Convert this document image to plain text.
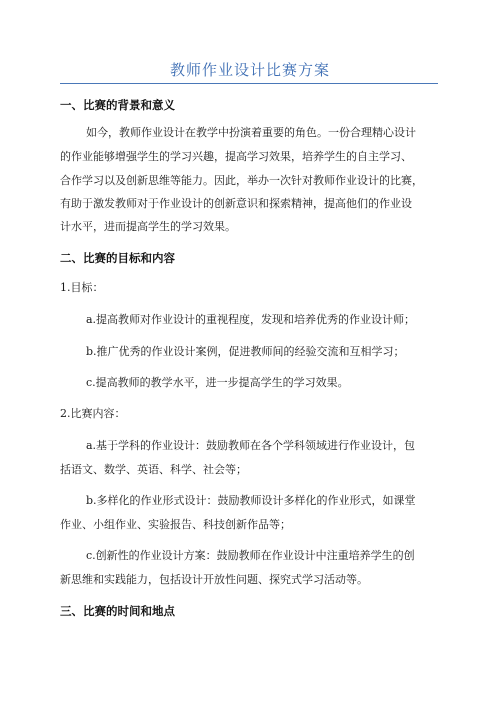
教师作业设计比赛方案
一、比赛的背景和意义
如今，教师作业设计在教学中扮演着重要的角色。一份合理精心设计
的作业能够增强学生的学习兴趣，提高学习效果，培养学生的自主学习、
合作学习以及创新思维等能力。因此，举办一次针对教师作业设计的比赛，
有助于激发教师对于作业设计的创新意识和探索精神，提高他们的作业设
计水平，进而提高学生的学习效果。
二、比赛的目标和内容
1.目标：
a.提高教师对作业设计的重视程度，发现和培养优秀的作业设计师；
b.推广优秀的作业设计案例，促进教师间的经验交流和互相学习；
c.提高教师的教学水平，进一步提高学生的学习效果。
2.比赛内容：
a.基于学科的作业设计：鼓励教师在各个学科领域进行作业设计，包
括语文、数学、英语、科学、社会等；
b.多样化的作业形式设计：鼓励教师设计多样化的作业形式，如课堂
作业、小组作业、实验报告、科技创新作品等；
c.创新性的作业设计方案：鼓励教师在作业设计中注重培养学生的创
新思维和实践能力，包括设计开放性问题、探究式学习活动等。
三、比赛的时间和地点
